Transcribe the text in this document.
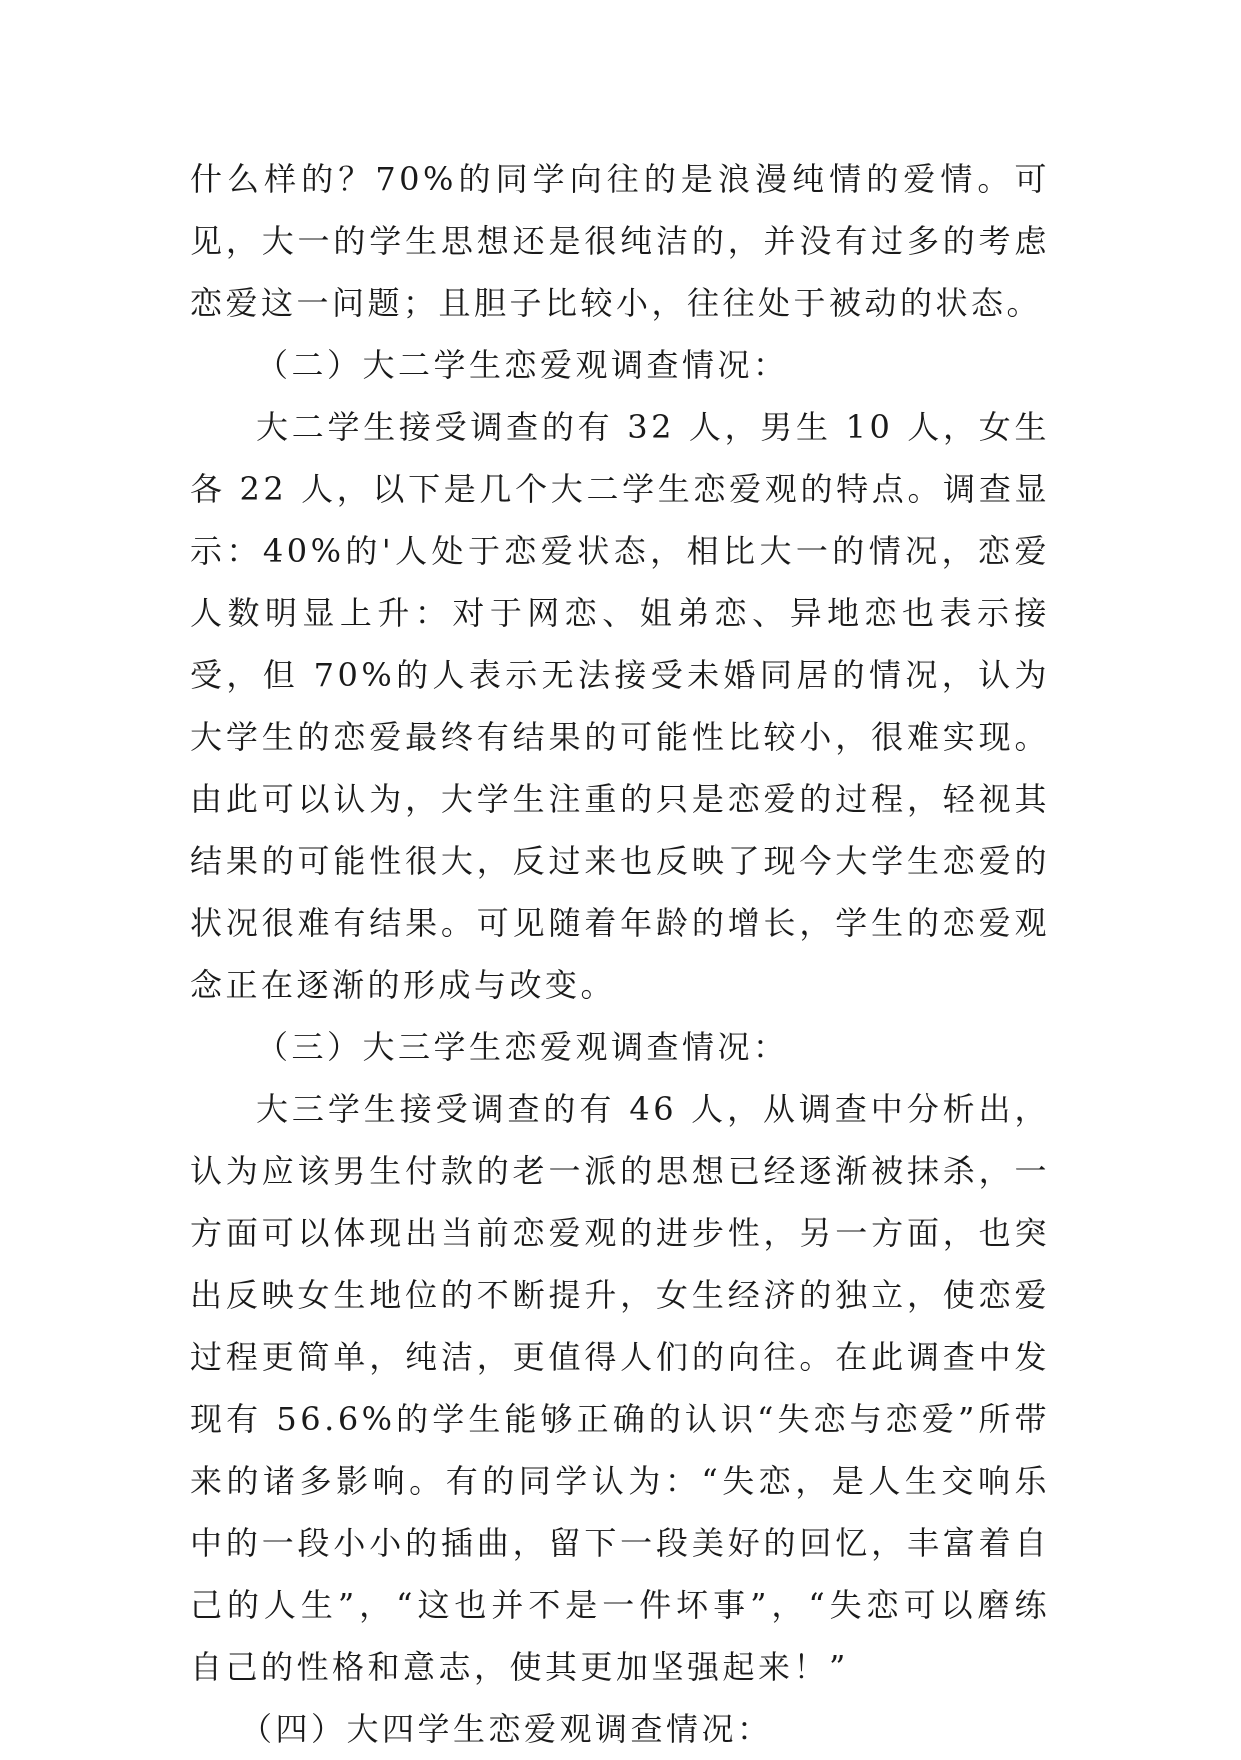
什么样的？70%的同学向往的是浪漫纯情的爱情。可见，大一的学生思想还是很纯洁的，并没有过多的考虑恋爱这一问题；且胆子比较小，往往处于被动的状态。

（二）大二学生恋爱观调查情况：

大二学生接受调查的有 32 人，男生 10 人，女生各 22 人，以下是几个大二学生恋爱观的特点。调查显示：40%的'人处于恋爱状态，相比大一的情况，恋爱人数明显上升：对于网恋、姐弟恋、异地恋也表示接受，但 70%的人表示无法接受未婚同居的情况，认为大学生的恋爱最终有结果的可能性比较小，很难实现。由此可以认为，大学生注重的只是恋爱的过程，轻视其结果的可能性很大，反过来也反映了现今大学生恋爱的状况很难有结果。可见随着年龄的增长，学生的恋爱观念正在逐渐的形成与改变。

（三）大三学生恋爱观调查情况：

大三学生接受调查的有 46 人，从调查中分析出，认为应该男生付款的老一派的思想已经逐渐被抹杀，一方面可以体现出当前恋爱观的进步性，另一方面，也突出反映女生地位的不断提升，女生经济的独立，使恋爱过程更简单，纯洁，更值得人们的向往。在此调查中发现有 56.6%的学生能够正确的认识“失恋与恋爱”所带来的诸多影响。有的同学认为：“失恋，是人生交响乐中的一段小小的插曲，留下一段美好的回忆，丰富着自己的人生”，“这也并不是一件坏事”，“失恋可以磨练自己的性格和意志，使其更加坚强起来！”

（四）大四学生恋爱观调查情况：
